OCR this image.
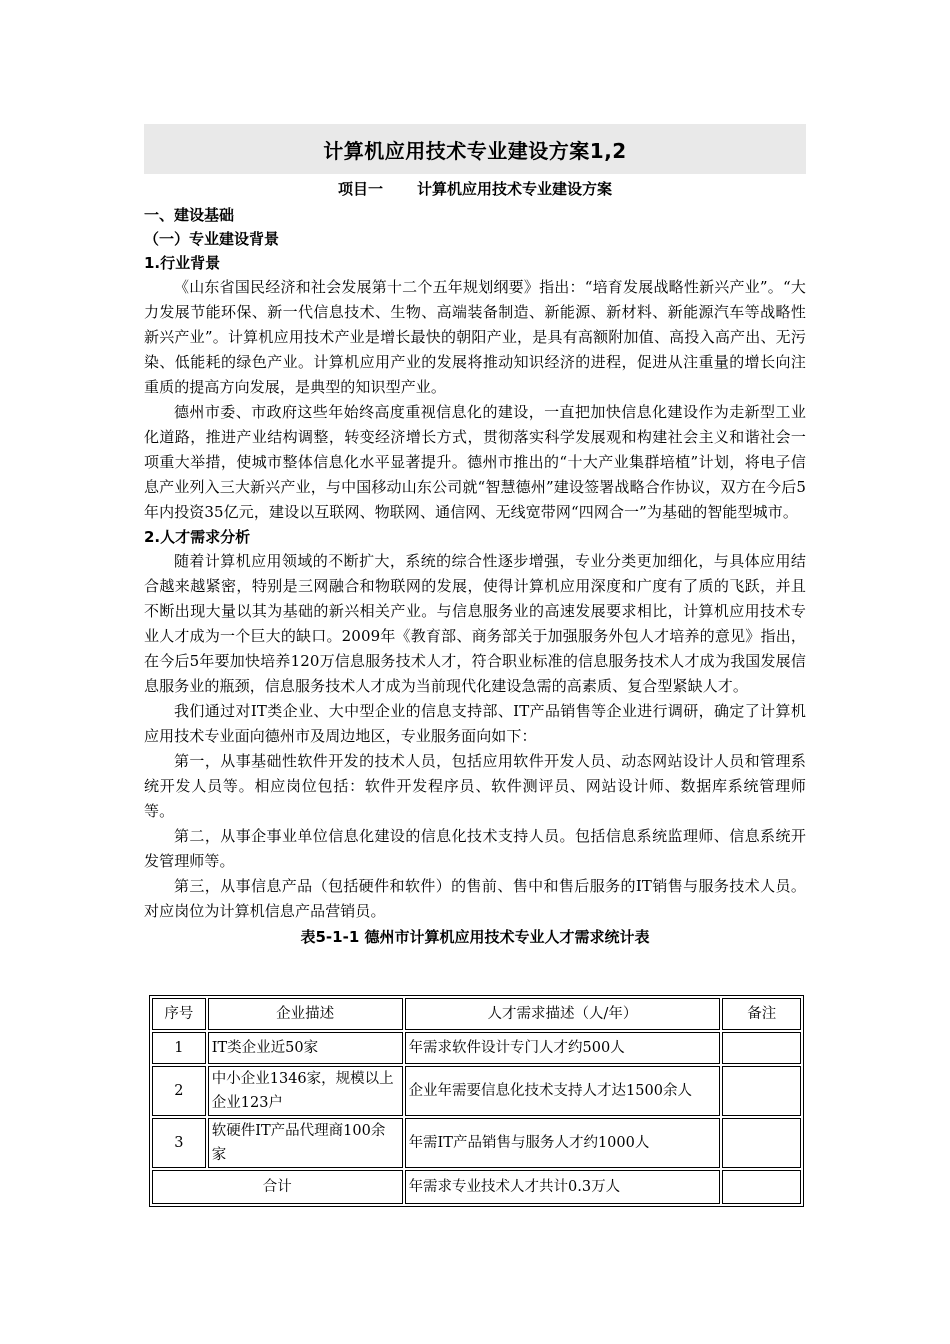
计算机应用技术专业建设方案1,2
项目一 计算机应用技术专业建设方案
一、建设基础
（一）专业建设背景
1.行业背景
《山东省国民经济和社会发展第十二个五年规划纲要》指出：“培育发展战略性新兴产业”。“大力发展节能环保、新一代信息技术、生物、高端装备制造、新能源、新材料、新能源汽车等战略性新兴产业”。计算机应用技术产业是增长最快的朝阳产业，是具有高额附加值、高投入高产出、无污染、低能耗的绿色产业。计算机应用产业的发展将推动知识经济的进程，促进从注重量的增长向注重质的提高方向发展，是典型的知识型产业。
德州市委、市政府这些年始终高度重视信息化的建设，一直把加快信息化建设作为走新型工业化道路，推进产业结构调整，转变经济增长方式，贯彻落实科学发展观和构建社会主义和谐社会一项重大举措，使城市整体信息化水平显著提升。德州市推出的“十大产业集群培植”计划，将电子信息产业列入三大新兴产业，与中国移动山东公司就“智慧德州”建设签署战略合作协议，双方在今后5年内投资35亿元，建设以互联网、物联网、通信网、无线宽带网“四网合一”为基础的智能型城市。
2.人才需求分析
随着计算机应用领域的不断扩大，系统的综合性逐步增强，专业分类更加细化，与具体应用结合越来越紧密，特别是三网融合和物联网的发展，使得计算机应用深度和广度有了质的飞跃，并且不断出现大量以其为基础的新兴相关产业。与信息服务业的高速发展要求相比，计算机应用技术专业人才成为一个巨大的缺口。2009年《教育部、商务部关于加强服务外包人才培养的意见》指出，在今后5年要加快培养120万信息服务技术人才，符合职业标准的信息服务技术人才成为我国发展信息服务业的瓶颈，信息服务技术人才成为当前现代化建设急需的高素质、复合型紧缺人才。
我们通过对IT类企业、大中型企业的信息支持部、IT产品销售等企业进行调研，确定了计算机应用技术专业面向德州市及周边地区，专业服务面向如下：
第一，从事基础性软件开发的技术人员，包括应用软件开发人员、动态网站设计人员和管理系统开发人员等。相应岗位包括：软件开发程序员、软件测评员、网站设计师、数据库系统管理师等。
第二，从事企事业单位信息化建设的信息化技术支持人员。包括信息系统监理师、信息系统开发管理师等。
第三，从事信息产品（包括硬件和软件）的售前、售中和售后服务的IT销售与服务技术人员。对应岗位为计算机信息产品营销员。
表5-1-1 德州市计算机应用技术专业人才需求统计表
序号	企业描述	人才需求描述（人/年）	备注
1	IT类企业近50家	年需求软件设计专门人才约500人	
2	中小企业1346家，规模以上企业123户	企业年需要信息化技术支持人才达1500余人	
3	软硬件IT产品代理商100余家	年需IT产品销售与服务人才约1000人	
合计		年需求专业技术人才共计0.3万人	
